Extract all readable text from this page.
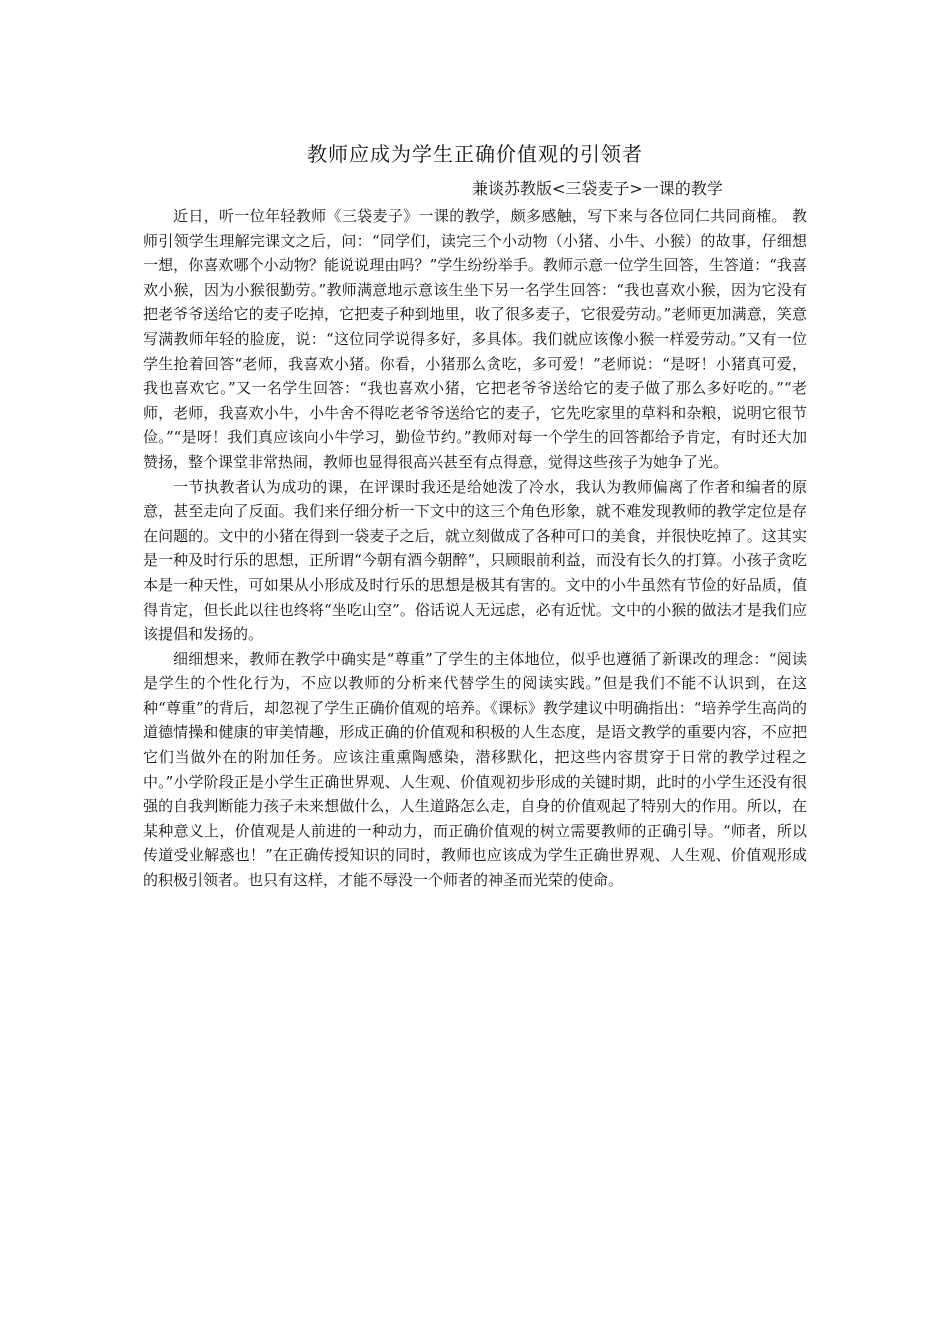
教师应成为学生正确价值观的引领者
兼谈苏教版<三袋麦子>一课的教学

近日，听一位年轻教师《三袋麦子》一课的教学，颇多感触，写下来与各位同仁共同商榷。 教师引领学生理解完课文之后，问：“同学们，读完三个小动物（小猪、小牛、小猴）的故事，仔细想一想，你喜欢哪个小动物？能说说理由吗？”学生纷纷举手。教师示意一位学生回答，生答道：“我喜欢小猴，因为小猴很勤劳。”教师满意地示意该生坐下另一名学生回答：“我也喜欢小猴，因为它没有把老爷爷送给它的麦子吃掉，它把麦子种到地里，收了很多麦子，它很爱劳动。”老师更加满意，笑意写满教师年轻的脸庞，说：“这位同学说得多好，多具体。我们就应该像小猴一样爱劳动。”又有一位学生抢着回答“老师，我喜欢小猪。你看，小猪那么贪吃，多可爱！”老师说：“是呀！小猪真可爱，我也喜欢它。”又一名学生回答：“我也喜欢小猪，它把老爷爷送给它的麦子做了那么多好吃的。”“老师，老师，我喜欢小牛，小牛舍不得吃老爷爷送给它的麦子，它先吃家里的草料和杂粮，说明它很节俭。”“是呀！我们真应该向小牛学习，勤俭节约。”教师对每一个学生的回答都给予肯定，有时还大加赞扬，整个课堂非常热闹，教师也显得很高兴甚至有点得意，觉得这些孩子为她争了光。

一节执教者认为成功的课，在评课时我还是给她泼了冷水，我认为教师偏离了作者和编者的原意，甚至走向了反面。我们来仔细分析一下文中的这三个角色形象，就不难发现教师的教学定位是存在问题的。文中的小猪在得到一袋麦子之后，就立刻做成了各种可口的美食，并很快吃掉了。这其实是一种及时行乐的思想，正所谓“今朝有酒今朝醉”，只顾眼前利益，而没有长久的打算。小孩子贪吃本是一种天性，可如果从小形成及时行乐的思想是极其有害的。文中的小牛虽然有节俭的好品质，值得肯定，但长此以往也终将“坐吃山空”。俗话说人无远虑，必有近忧。文中的小猴的做法才是我们应该提倡和发扬的。

细细想来，教师在教学中确实是“尊重”了学生的主体地位，似乎也遵循了新课改的理念：“阅读是学生的个性化行为，不应以教师的分析来代替学生的阅读实践。”但是我们不能不认识到，在这种“尊重”的背后，却忽视了学生正确价值观的培养。《课标》教学建议中明确指出：“培养学生高尚的道德情操和健康的审美情趣，形成正确的价值观和积极的人生态度，是语文教学的重要内容，不应把它们当做外在的附加任务。应该注重熏陶感染，潜移默化，把这些内容贯穿于日常的教学过程之中。”小学阶段正是小学生正确世界观、人生观、价值观初步形成的关键时期，此时的小学生还没有很强的自我判断能力孩子未来想做什么，人生道路怎么走，自身的价值观起了特别大的作用。所以，在某种意义上，价值观是人前进的一种动力，而正确价值观的树立需要教师的正确引导。“师者，所以传道受业解惑也！”在正确传授知识的同时，教师也应该成为学生正确世界观、人生观、价值观形成的积极引领者。也只有这样，才能不辱没一个师者的神圣而光荣的使命。
